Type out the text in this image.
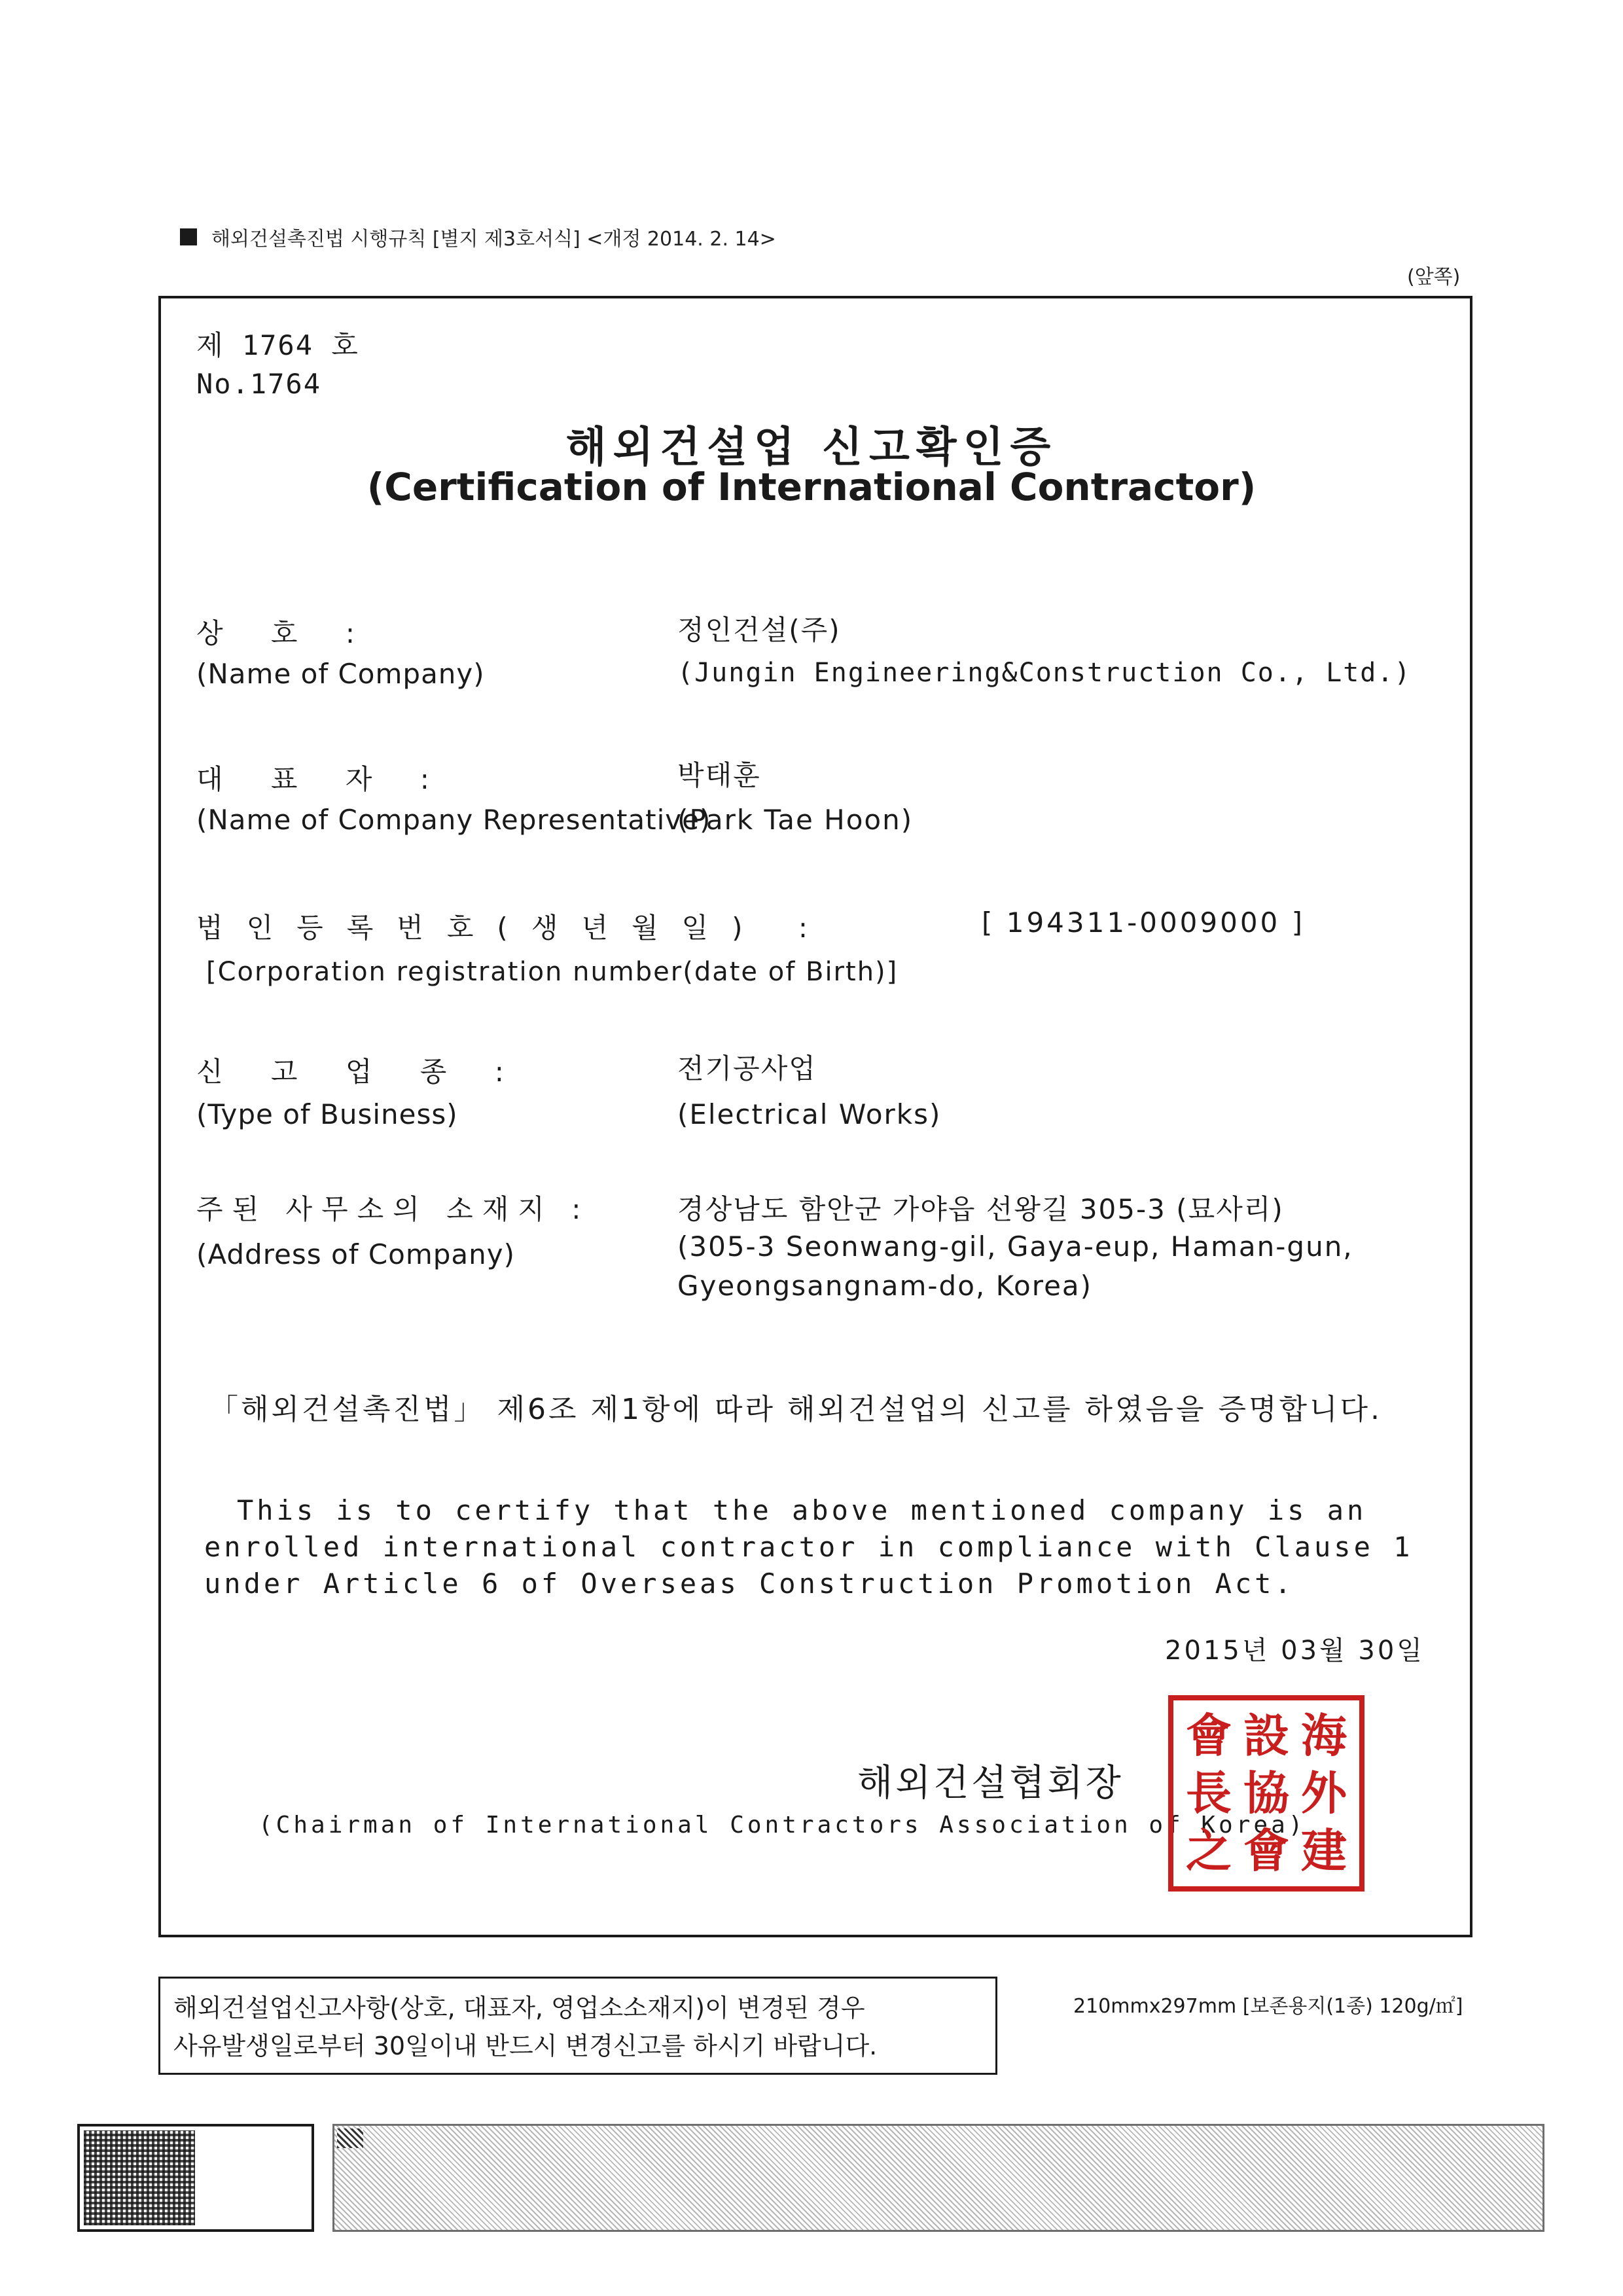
해외건설촉진법 시행규칙 [별지 제3호서식] <개정 2014. 2. 14>
(앞쪽)
제 1764 호
No.1764
해외건설업 신고확인증
(Certification of International Contractor)
상 호 :
(Name of Company)
정인건설(주)
(Jungin Engineering&Construction Co., Ltd.)
대 표 자 :
(Name of Company Representative)
박태훈
(Park Tae Hoon)
법인등록번호(생년월일) :	[ 194311-0009000 ]
[Corporation registration number(date of Birth)]
신 고 업 종 :
(Type of Business)
전기공사업
(Electrical Works)
주된 사무소의 소재지 :
(Address of Company)
경상남도 함안군 가야읍 선왕길 305-3 (묘사리)
(305-3 Seonwang-gil, Gaya-eup, Haman-gun,
Gyeongsangnam-do, Korea)
「해외건설촉진법」 제6조 제1항에 따라 해외건설업의 신고를 하였음을 증명합니다.
This is to certify that the above mentioned company is an enrolled international contractor in compliance with Clause 1 under Article 6 of Overseas Construction Promotion Act.
2015년 03월 30일
해외건설협회장
(Chairman of International Contractors Association of Korea)
會 設 海
長 協 外
之 會 建
해외건설업신고사항(상호, 대표자, 영업소소재지)이 변경된 경우
사유발생일로부터 30일이내 반드시 변경신고를 하시기 바랍니다.
210mmx297mm [보존용지(1종) 120g/㎡]
